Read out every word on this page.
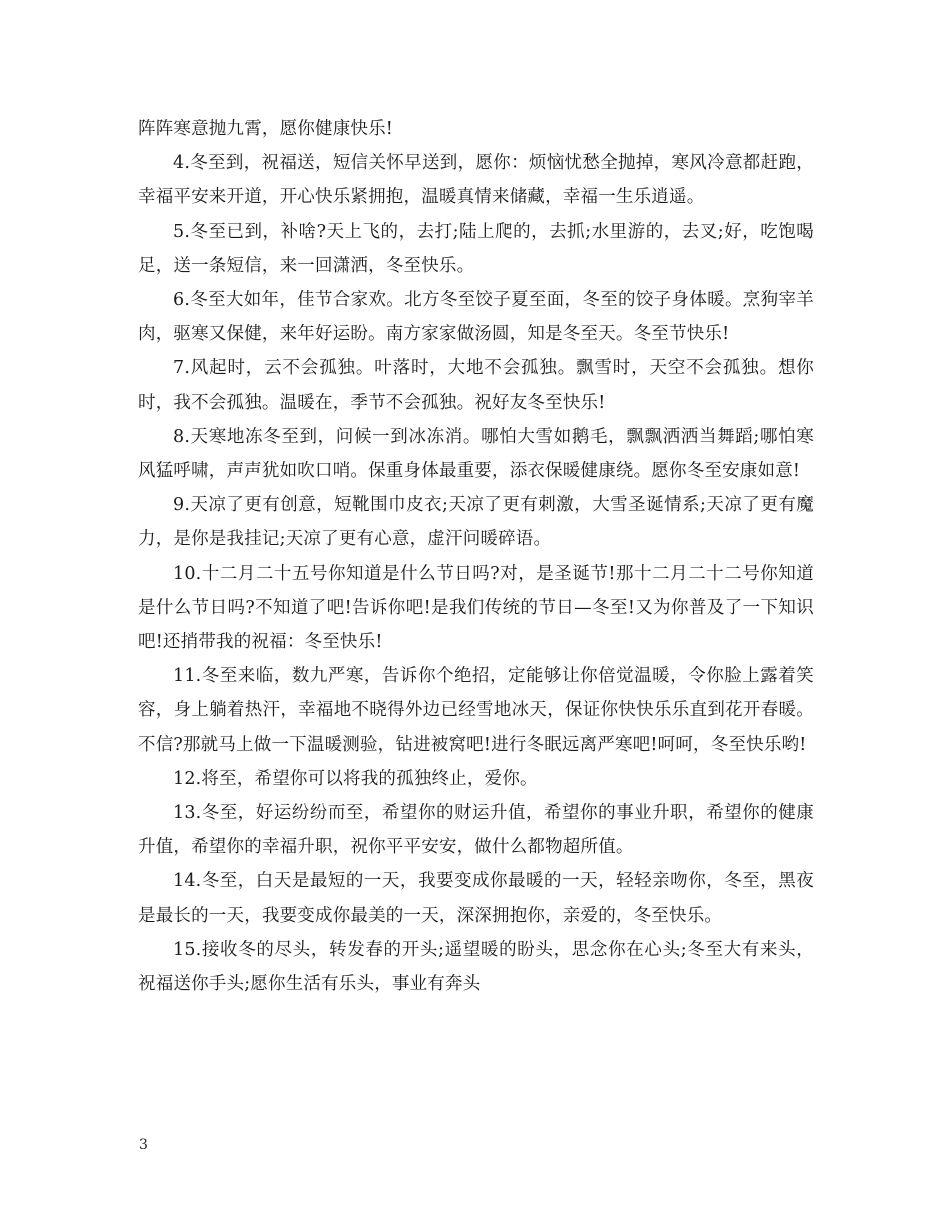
阵阵寒意抛九霄，愿你健康快乐!

4.冬至到，祝福送，短信关怀早送到，愿你：烦恼忧愁全抛掉，寒风冷意都赶跑，幸福平安来开道，开心快乐紧拥抱，温暖真情来储藏，幸福一生乐逍遥。

5.冬至已到，补啥?天上飞的，去打;陆上爬的，去抓;水里游的，去叉;好，吃饱喝足，送一条短信，来一回潇洒，冬至快乐。

6.冬至大如年，佳节合家欢。北方冬至饺子夏至面，冬至的饺子身体暖。烹狗宰羊肉，驱寒又保健，来年好运盼。南方家家做汤圆，知是冬至天。冬至节快乐!

7.风起时，云不会孤独。叶落时，大地不会孤独。飘雪时，天空不会孤独。想你时，我不会孤独。温暖在，季节不会孤独。祝好友冬至快乐!

8.天寒地冻冬至到，问候一到冰冻消。哪怕大雪如鹅毛，飘飘洒洒当舞蹈;哪怕寒风猛呼啸，声声犹如吹口哨。保重身体最重要，添衣保暖健康绕。愿你冬至安康如意!

9.天凉了更有创意，短靴围巾皮衣;天凉了更有刺激，大雪圣诞情系;天凉了更有魔力，是你是我挂记;天凉了更有心意，虚汗问暖碎语。

10.十二月二十五号你知道是什么节日吗?对，是圣诞节!那十二月二十二号你知道是什么节日吗?不知道了吧!告诉你吧!是我们传统的节日—冬至!又为你普及了一下知识吧!还捎带我的祝福：冬至快乐!

11.冬至来临，数九严寒，告诉你个绝招，定能够让你倍觉温暖，令你脸上露着笑容，身上躺着热汗，幸福地不晓得外边已经雪地冰天，保证你快快乐乐直到花开春暖。不信?那就马上做一下温暖测验，钻进被窝吧!进行冬眠远离严寒吧!呵呵，冬至快乐哟!

12.将至，希望你可以将我的孤独终止，爱你。

13.冬至，好运纷纷而至，希望你的财运升值，希望你的事业升职，希望你的健康升值，希望你的幸福升职，祝你平平安安，做什么都物超所值。

14.冬至，白天是最短的一天，我要变成你最暖的一天，轻轻亲吻你，冬至，黑夜是最长的一天，我要变成你最美的一天，深深拥抱你，亲爱的，冬至快乐。

15.接收冬的尽头，转发春的开头;遥望暖的盼头，思念你在心头;冬至大有来头，祝福送你手头;愿你生活有乐头，事业有奔头

3
